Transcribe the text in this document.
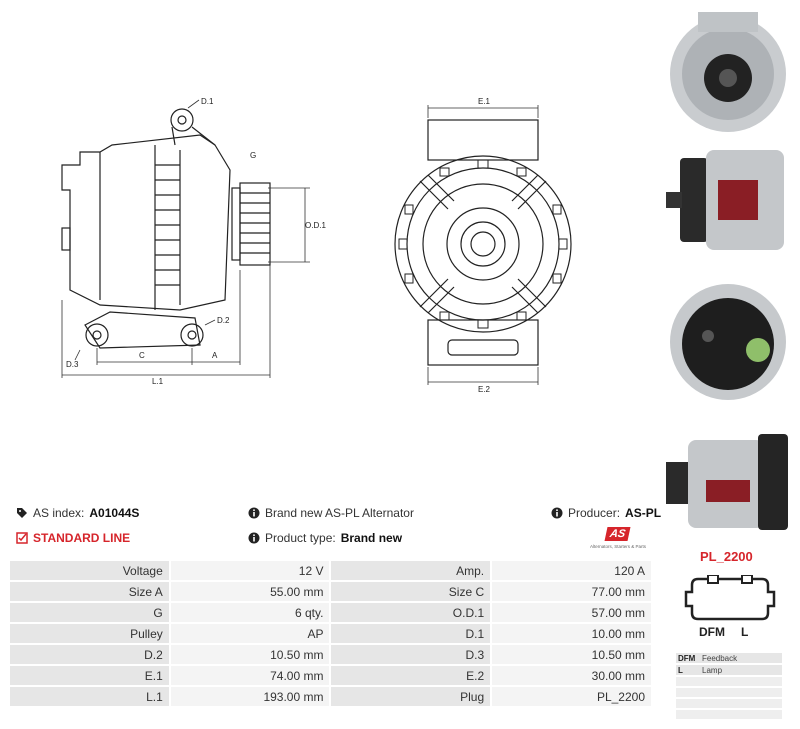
D.1
G
O.D.1
D.2
D.3
C	A
L.1
E.1
E.2
AS index: A01044S
STANDARD LINE
Brand new AS-PL Alternator
Product type: Brand new
Producer: AS-PL
AS
Alternators, Starters & Parts
Voltage	12 V	Amp.	120 A
Size A	55.00 mm	Size C	77.00 mm
G	6 qty.	O.D.1	57.00 mm
Pulley	AP	D.1	10.00 mm
D.2	10.50 mm	D.3	10.50 mm
E.1	74.00 mm	E.2	30.00 mm
L.1	193.00 mm	Plug	PL_2200
PL_2200
DFM L
DFM Feedback
L	Lamp
